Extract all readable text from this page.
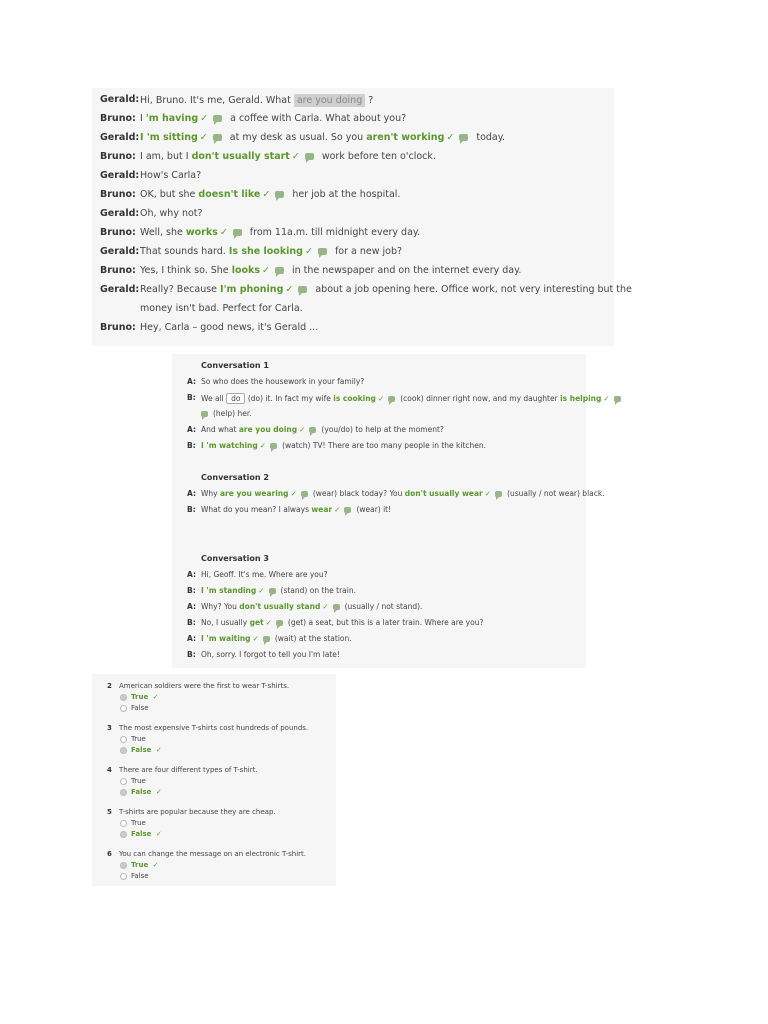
Gerald: Hi, Bruno. It's me, Gerald. What are you doing ?
Bruno: I 'm having ✓ a coffee with Carla. What about you?
Gerald: I 'm sitting ✓ at my desk as usual. So you aren't working ✓ today.
Bruno: I am, but I don't usually start ✓ work before ten o'clock.
Gerald: How's Carla?
Bruno: OK, but she doesn't like ✓ her job at the hospital.
Gerald: Oh, why not?
Bruno: Well, she works ✓ from 11a.m. till midnight every day.
Gerald: That sounds hard. Is she looking ✓ for a new job?
Bruno: Yes, I think so. She looks ✓ in the newspaper and on the internet every day.
Gerald: Really? Because I'm phoning ✓ about a job opening here. Office work, not very interesting but the
money isn't bad. Perfect for Carla.
Bruno: Hey, Carla – good news, it's Gerald ...
Conversation 1
A: So who does the housework in your family?
B: We all do (do) it. In fact my wife is cooking ✓ (cook) dinner right now, and my daughter is helping ✓
(help) her.
A: And what are you doing ✓ (you/do) to help at the moment?
B: I 'm watching ✓ (watch) TV! There are too many people in the kitchen.
Conversation 2
A: Why are you wearing ✓ (wear) black today? You don't usually wear ✓ (usually / not wear) black.
B: What do you mean? I always wear ✓ (wear) it!
Conversation 3
A: Hi, Geoff. It's me. Where are you?
B: I 'm standing ✓ (stand) on the train.
A: Why? You don't usually stand ✓ (usually / not stand).
B: No, I usually get ✓ (get) a seat, but this is a later train. Where are you?
A: I 'm waiting ✓ (wait) at the station.
B: Oh, sorry. I forgot to tell you I'm late!
2 American soldiers were the first to wear T-shirts.
True ✓
False
3 The most expensive T-shirts cost hundreds of pounds.
True
False ✓
4 There are four different types of T-shirt.
True
False ✓
5 T-shirts are popular because they are cheap.
True
False ✓
6 You can change the message on an electronic T-shirt.
True ✓
False
